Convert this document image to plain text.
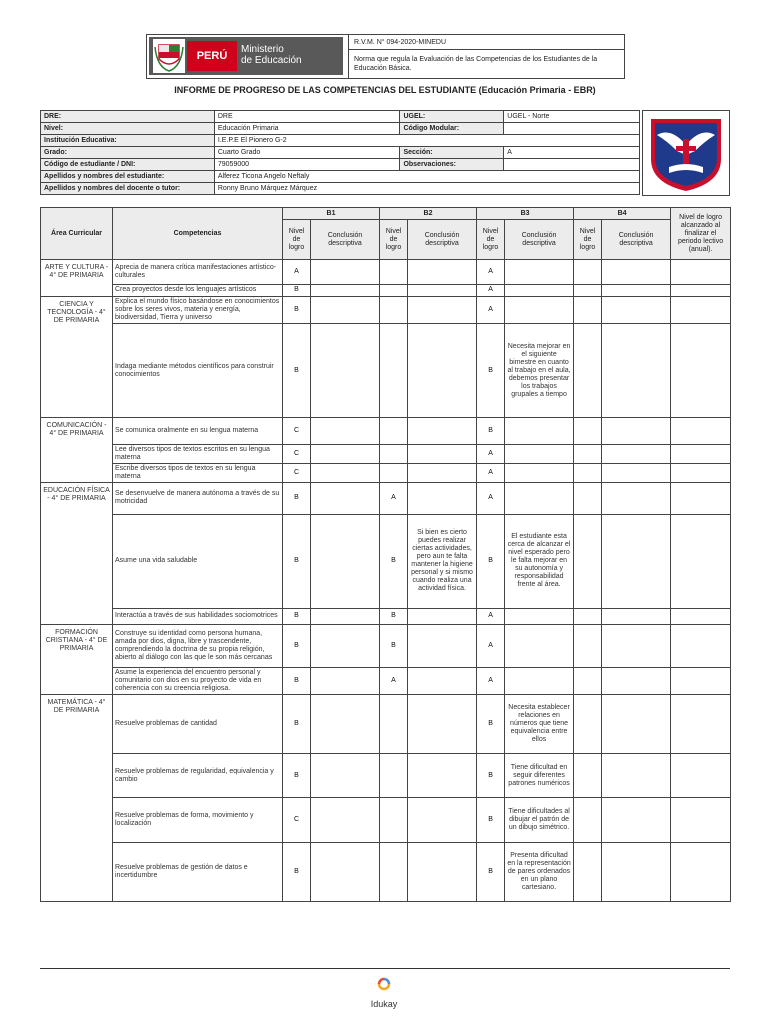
PERÚ
Ministerio
de Educación
R.V.M. N° 094-2020-MINEDU
Norma que regula la Evaluación de las Competencias de los Estudiantes de la Educación Básica.
INFORME DE PROGRESO DE LAS COMPETENCIAS DEL ESTUDIANTE (Educación Primaria - EBR)
DRE:	DRE	UGEL:	UGEL - Norte
Nivel:	Educación Primaria	Código Modular:	
Institución Educativa:	I.E.P.E El Pionero G-2		
Grado:	Cuarto Grado	Sección:	A
Código de estudiante / DNI:	79059000	Observaciones:	
Apellidos y nombres del estudiante:	Alferez Ticona Angelo Neftaly		
Apellidos y nombres del docente o tutor:	Ronny Bruno Márquez Márquez		
Área Curricular	Competencias	B1		B2		B3		B4		Nivel de logro alcanzado al finalizar el periodo lectivo (anual).
		Nivel de logro	Conclusión descriptiva	Nivel de logro	Conclusión descriptiva	Nivel de logro	Conclusión descriptiva	Nivel de logro	Conclusión descriptiva	
ARTE Y CULTURA - 4° DE PRIMARIA	Aprecia de manera crítica manifestaciones artístico-culturales	A				A				
	Crea proyectos desde los lenguajes artísticos	B				A				
CIENCIA Y TECNOLOGÍA - 4° DE PRIMARIA	Explica el mundo físico basándose en conocimientos sobre los seres vivos, materia y energía, biodiversidad, Tierra y universo	B				A				
	Indaga mediante métodos científicos para construir conocimientos	B				B	Necesita mejorar en el siguiente bimestre en cuanto al trabajo en el aula, debemos presentar los trabajos grupales a tiempo			
COMUNICACIÓN - 4° DE PRIMARIA	Se comunica oralmente en su lengua materna	C				B				
	Lee diversos tipos de textos escritos en su lengua materna	C				A				
	Escribe diversos tipos de textos en su lengua materna	C				A				
EDUCACIÓN FÍSICA - 4° DE PRIMARIA	Se desenvuelve de manera autónoma a través de su motricidad	B		A		A				
	Asume una vida saludable	B		B	Si bien es cierto puedes realizar ciertas actividades, pero aun te falta mantener la higiene personal y si mismo cuando realiza una actividad física.	B	El estudiante esta cerca de alcanzar el nivel esperado pero le falta mejorar en su autonomía y responsabilidad frente al área.			
	Interactúa a través de sus habilidades sociomotrices	B		B		A				
FORMACIÓN CRISTIANA - 4° DE PRIMARIA	Construye su identidad como persona humana, amada por dios, digna, libre y trascendente, comprendiendo la doctrina de su propia religión, abierto al diálogo con las que le son más cercanas	B		B		A				
	Asume la experiencia del encuentro personal y comunitario con dios en su proyecto de vida en coherencia con su creencia religiosa.	B		A		A				
MATEMÁTICA - 4° DE PRIMARIA	Resuelve problemas de cantidad	B				B	Necesita establecer relaciones en números que tiene equivalencia entre ellos			
	Resuelve problemas de regularidad, equivalencia y cambio	B				B	Tiene dificultad en seguir diferentes patrones numéricos			
	Resuelve problemas de forma, movimiento y localización	C				B	Tiene dificultades al dibujar el patrón de un dibujo simétrico.			
	Resuelve problemas de gestión de datos e incertidumbre	B				B	Presenta dificultad en la representación de pares ordenados en un plano cartesiano.			
Idukay
